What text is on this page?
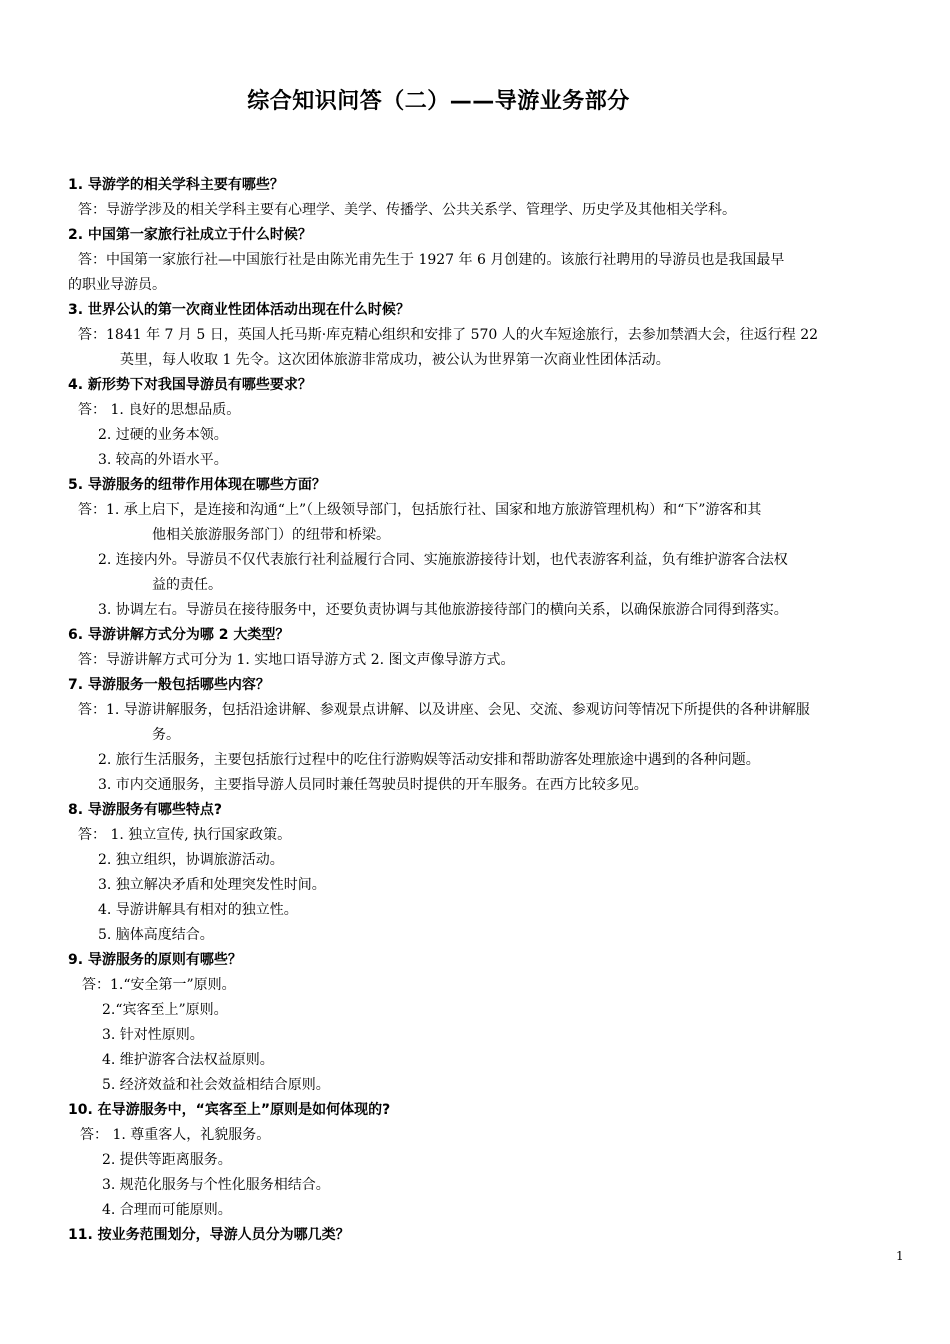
综合知识问答（二）——导游业务部分
1. 导游学的相关学科主要有哪些？
答：导游学涉及的相关学科主要有心理学、美学、传播学、公共关系学、管理学、历史学及其他相关学科。
2. 中国第一家旅行社成立于什么时候？
答：中国第一家旅行社—中国旅行社是由陈光甫先生于 1927 年 6 月创建的。该旅行社聘用的导游员也是我国最早
的职业导游员。
3. 世界公认的第一次商业性团体活动出现在什么时候？
答：1841 年 7 月 5 日，英国人托马斯·库克精心组织和安排了 570 人的火车短途旅行，去参加禁酒大会，往返行程 22
英里，每人收取 1 先令。这次团体旅游非常成功，被公认为世界第一次商业性团体活动。
4. 新形势下对我国导游员有哪些要求？
答： 1. 良好的思想品质。
2. 过硬的业务本领。
3. 较高的外语水平。
5. 导游服务的纽带作用体现在哪些方面？
答：1. 承上启下，是连接和沟通“上”（上级领导部门，包括旅行社、国家和地方旅游管理机构）和“下”游客和其
他相关旅游服务部门）的纽带和桥梁。
2. 连接内外。导游员不仅代表旅行社利益履行合同、实施旅游接待计划，也代表游客利益，负有维护游客合法权
益的责任。
3. 协调左右。导游员在接待服务中，还要负责协调与其他旅游接待部门的横向关系，以确保旅游合同得到落实。
6. 导游讲解方式分为哪 2 大类型？
答：导游讲解方式可分为 1. 实地口语导游方式 2. 图文声像导游方式。
7. 导游服务一般包括哪些内容？
答：1. 导游讲解服务，包括沿途讲解、参观景点讲解、以及讲座、会见、交流、参观访问等情况下所提供的各种讲解服
务。
2. 旅行生活服务，主要包括旅行过程中的吃住行游购娱等活动安排和帮助游客处理旅途中遇到的各种问题。
3. 市内交通服务，主要指导游人员同时兼任驾驶员时提供的开车服务。在西方比较多见。
8. 导游服务有哪些特点?
答： 1. 独立宣传, 执行国家政策。
2. 独立组织，协调旅游活动。
3. 独立解决矛盾和处理突发性时间。
4. 导游讲解具有相对的独立性。
5. 脑体高度结合。
9. 导游服务的原则有哪些？
答：1.“安全第一”原则。
2.“宾客至上”原则。
3. 针对性原则。
4. 维护游客合法权益原则。
5. 经济效益和社会效益相结合原则。
10. 在导游服务中，“宾客至上”原则是如何体现的?
答： 1. 尊重客人，礼貌服务。
2. 提供等距离服务。
3. 规范化服务与个性化服务相结合。
4. 合理而可能原则。
11. 按业务范围划分，导游人员分为哪几类？
1
